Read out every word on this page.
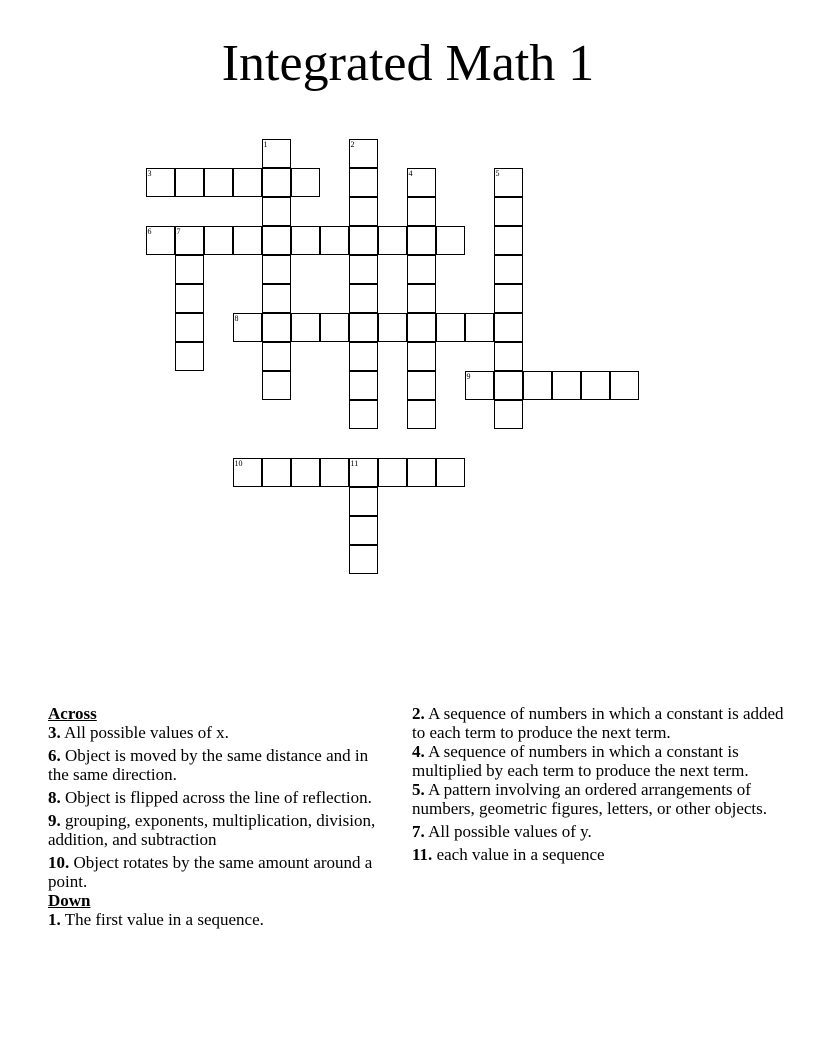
Integrated Math 1
3
6	7
8
9
10	11
1	2
4	5

Across

3. All possible values of x.

6. Object is moved by the same distance and in the same direction.

8. Object is flipped across the line of reflection.

9. grouping, exponents, multiplication, division, addition, and subtraction

10. Object rotates by the same amount around a point.

Down

1. The first value in a sequence.

2. A sequence of numbers in which a constant is added to each term to produce the next term.

4. A sequence of numbers in which a constant is multiplied by each term to produce the next term.

5. A pattern involving an ordered arrangements of numbers, geometric figures, letters, or other objects.

7. All possible values of y.

11. each value in a sequence
